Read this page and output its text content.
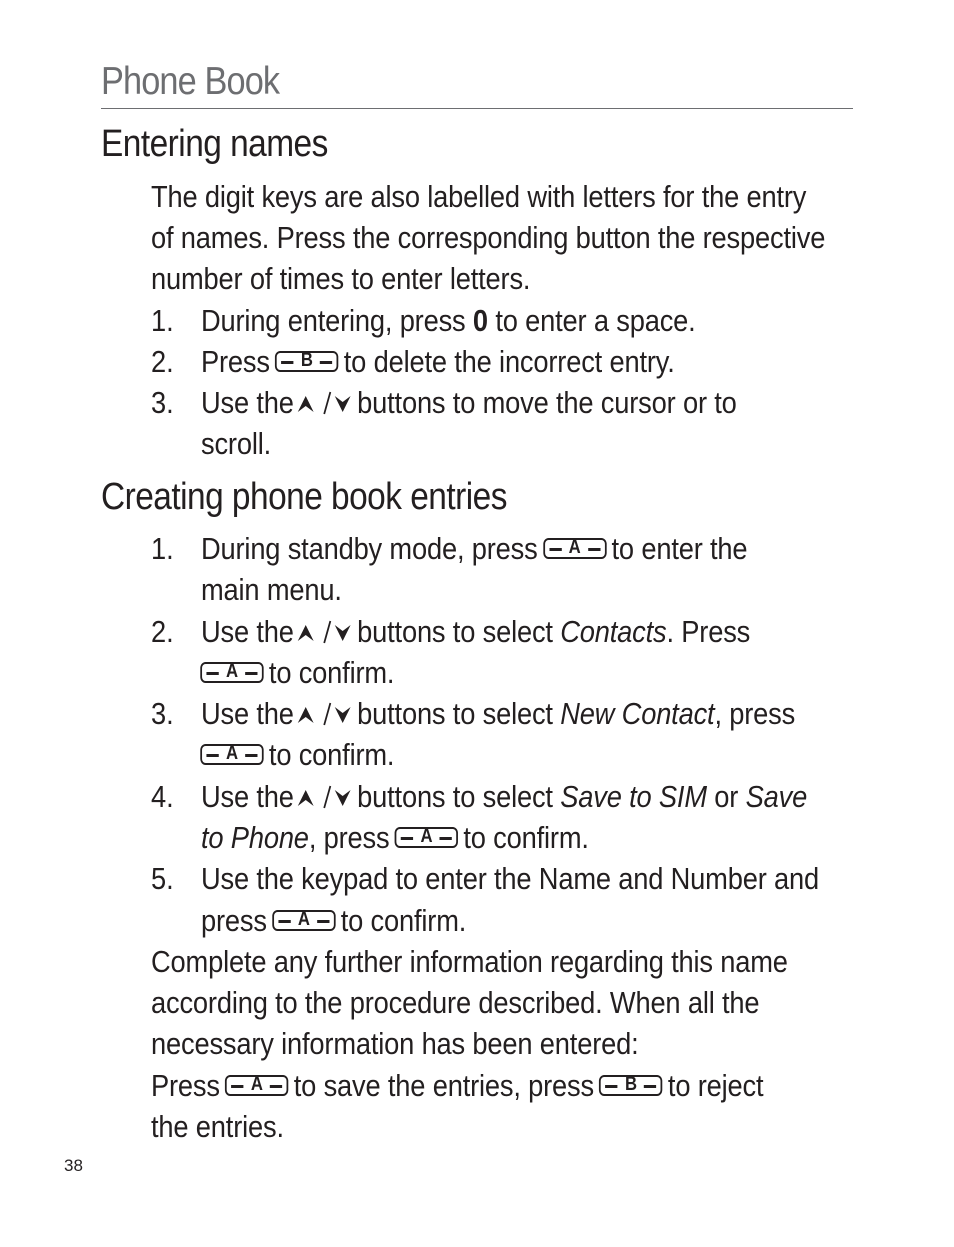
Phone Book
Entering names
The digit keys are also labelled with letters for the entry
of names. Press the corresponding button the respective
number of times to enter letters.
1. During entering, press 0 to enter a space.
2. Press	B	to delete the incorrect entry.
3. Use the buttons to move the cursor or to
scroll.
Creating phone book entries
1. During standby mode, press	A	to enter the
main menu.
2. Use the buttons to select Contacts. Press
A	to confirm.
3. Use the buttons to select New Contact, press
A	to confirm.
4. Use the buttons to select Save to SIM or Save
to Phone, press	A	to confirm.
5. Use the keypad to enter the Name and Number and
press	A	to confirm.
Complete any further information regarding this name
according to the procedure described. When all the
necessary information has been entered:
Press	A	to save the entries, press	B	to reject
the entries.
38
